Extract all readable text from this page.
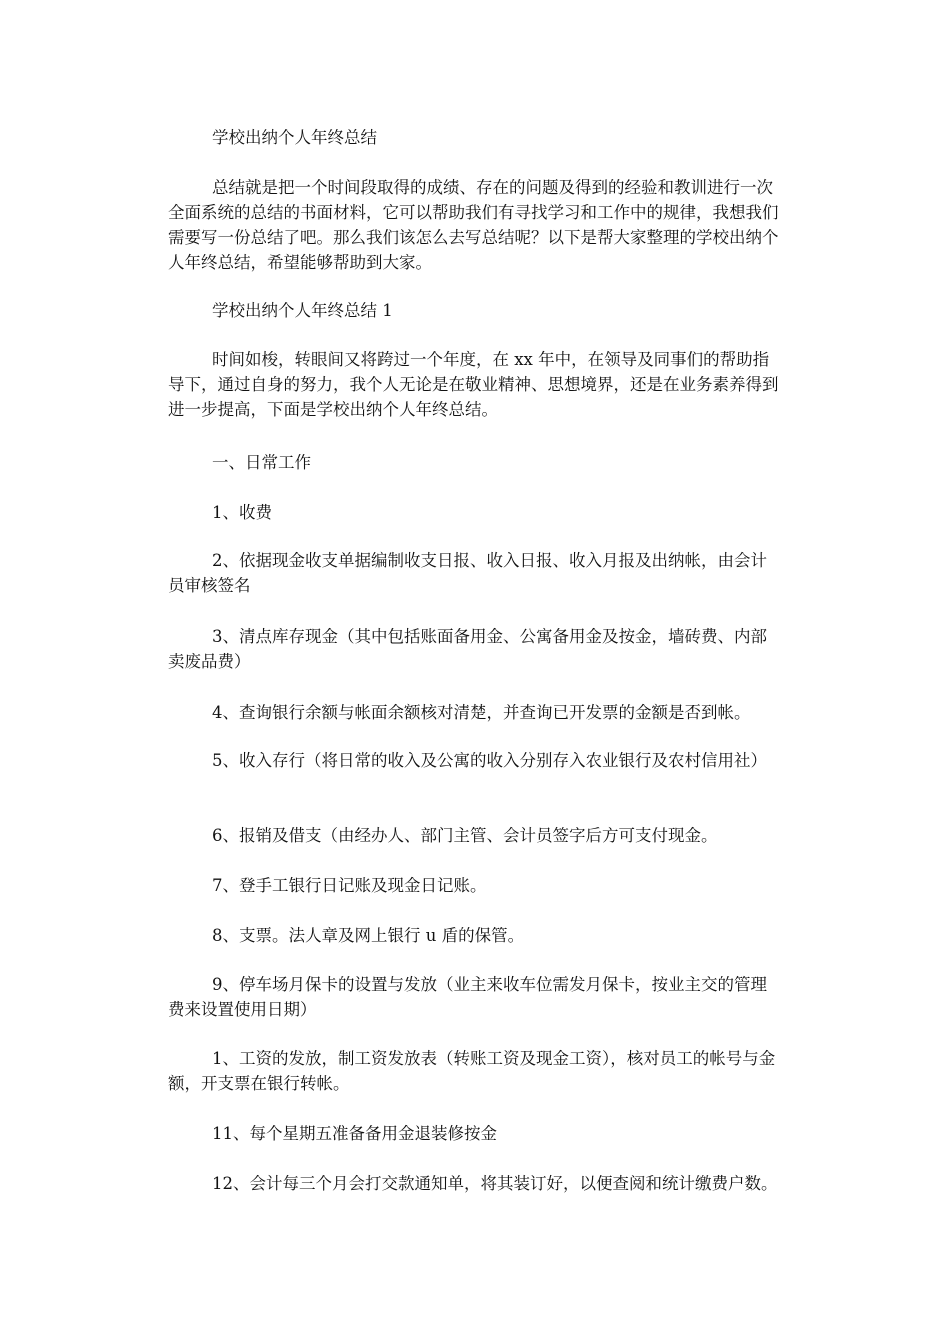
学校出纳个人年终总结

总结就是把一个时间段取得的成绩、存在的问题及得到的经验和教训进行一次全面系统的总结的书面材料，它可以帮助我们有寻找学习和工作中的规律，我想我们需要写一份总结了吧。那么我们该怎么去写总结呢？以下是帮大家整理的学校出纳个人年终总结，希望能够帮助到大家。

学校出纳个人年终总结 1

时间如梭，转眼间又将跨过一个年度，在 xx 年中，在领导及同事们的帮助指导下，通过自身的努力，我个人无论是在敬业精神、思想境界，还是在业务素养得到进一步提高，下面是学校出纳个人年终总结。

一、日常工作

1、收费

2、依据现金收支单据编制收支日报、收入日报、收入月报及出纳帐，由会计员审核签名

3、清点库存现金（其中包括账面备用金、公寓备用金及按金，墙砖费、内部卖废品费）

4、查询银行余额与帐面余额核对清楚，并查询已开发票的金额是否到帐。

5、收入存行（将日常的收入及公寓的收入分别存入农业银行及农村信用社）

6、报销及借支（由经办人、部门主管、会计员签字后方可支付现金。

7、登手工银行日记账及现金日记账。

8、支票。法人章及网上银行 u 盾的保管。

9、停车场月保卡的设置与发放（业主来收车位需发月保卡，按业主交的管理费来设置使用日期）

1、工资的发放，制工资发放表（转账工资及现金工资），核对员工的帐号与金额，开支票在银行转帐。

11、每个星期五准备备用金退装修按金

12、会计每三个月会打交款通知单，将其装订好，以便查阅和统计缴费户数。
